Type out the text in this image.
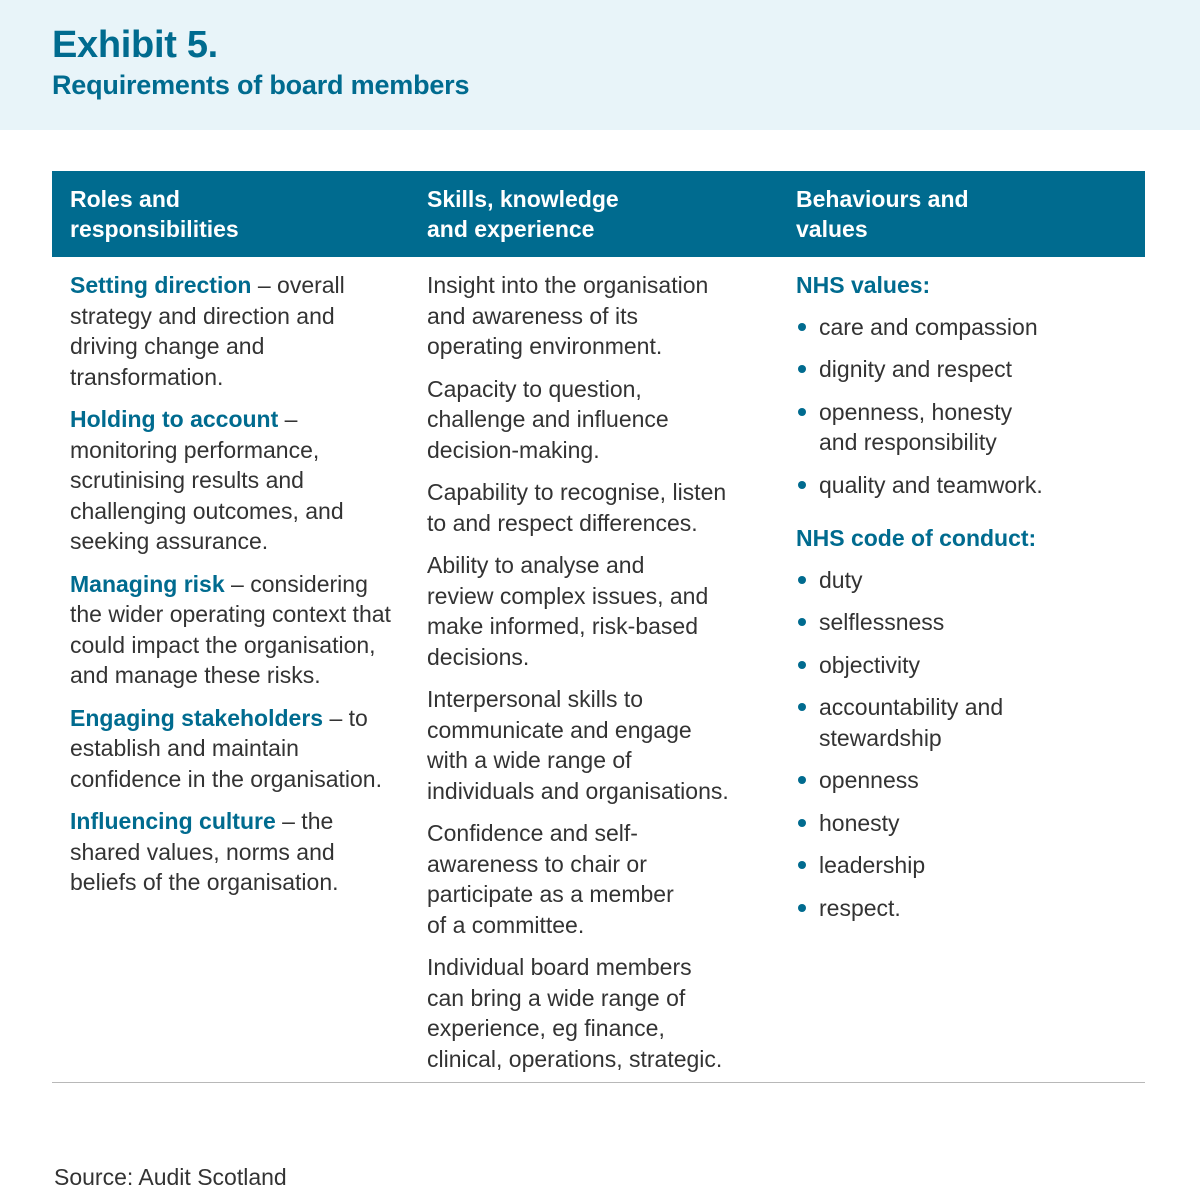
Exhibit 5.
Requirements of board members
Roles and
responsibilities
Skills, knowledge
and experience
Behaviours and
values

Setting direction – overall strategy and direction and driving change and transformation.

Holding to account – monitoring performance, scrutinising results and challenging outcomes, and seeking assurance.

Managing risk – considering the wider operating context that could impact the organisation, and manage these risks.

Engaging stakeholders – to establish and maintain confidence in the organisation.

Influencing culture – the shared values, norms and beliefs of the organisation.

Insight into the organisation
and awareness of its
operating environment.

Capacity to question,
challenge and influence
decision-making.

Capability to recognise, listen
to and respect differences.

Ability to analyse and
review complex issues, and
make informed, risk-based
decisions.

Interpersonal skills to
communicate and engage
with a wide range of
individuals and organisations.

Confidence and self-
awareness to chair or
participate as a member
of a committee.

Individual board members
can bring a wide range of
experience, eg finance,
clinical, operations, strategic.

NHS values:
care and compassion
dignity and respect
openness, honesty
and responsibility
quality and teamwork.
NHS code of conduct:
duty
selflessness
objectivity
accountability and
stewardship
openness
honesty
leadership
respect.
Source: Audit Scotland
